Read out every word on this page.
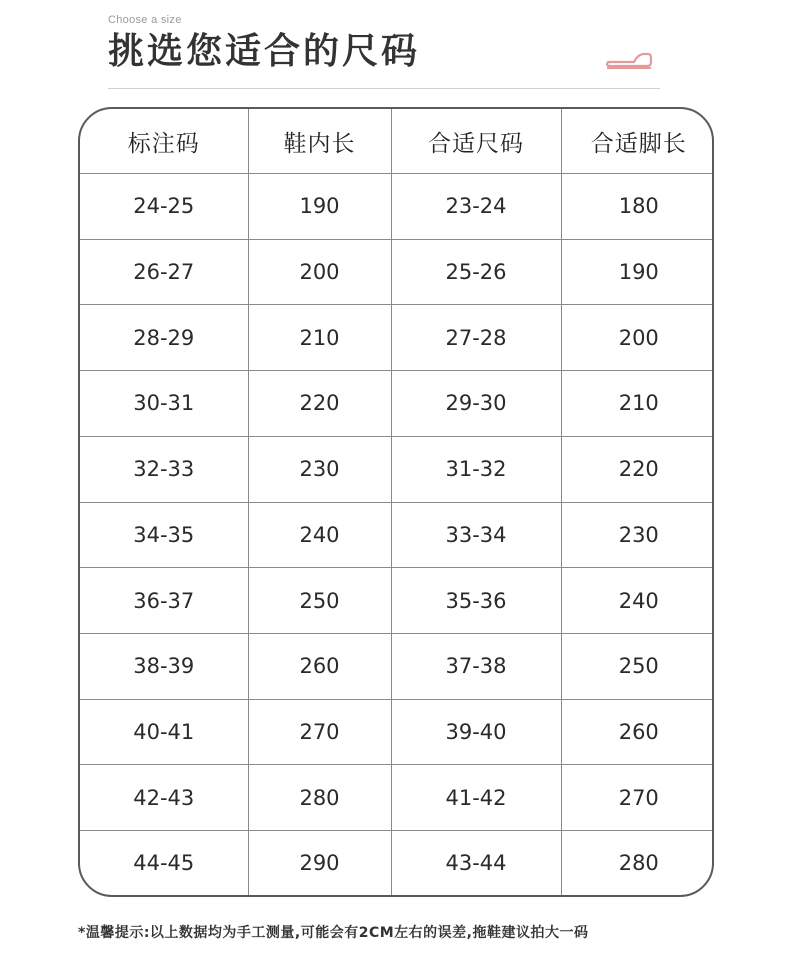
Choose a size
挑选您适合的尺码
标注码	鞋内长	合适尺码	合适脚长
24-25	190	23-24	180
26-27	200	25-26	190
28-29	210	27-28	200
30-31	220	29-30	210
32-33	230	31-32	220
34-35	240	33-34	230
36-37	250	35-36	240
38-39	260	37-38	250
40-41	270	39-40	260
42-43	280	41-42	270
44-45	290	43-44	280
*温馨提示:以上数据均为手工测量,可能会有2CM左右的误差,拖鞋建议拍大一码
